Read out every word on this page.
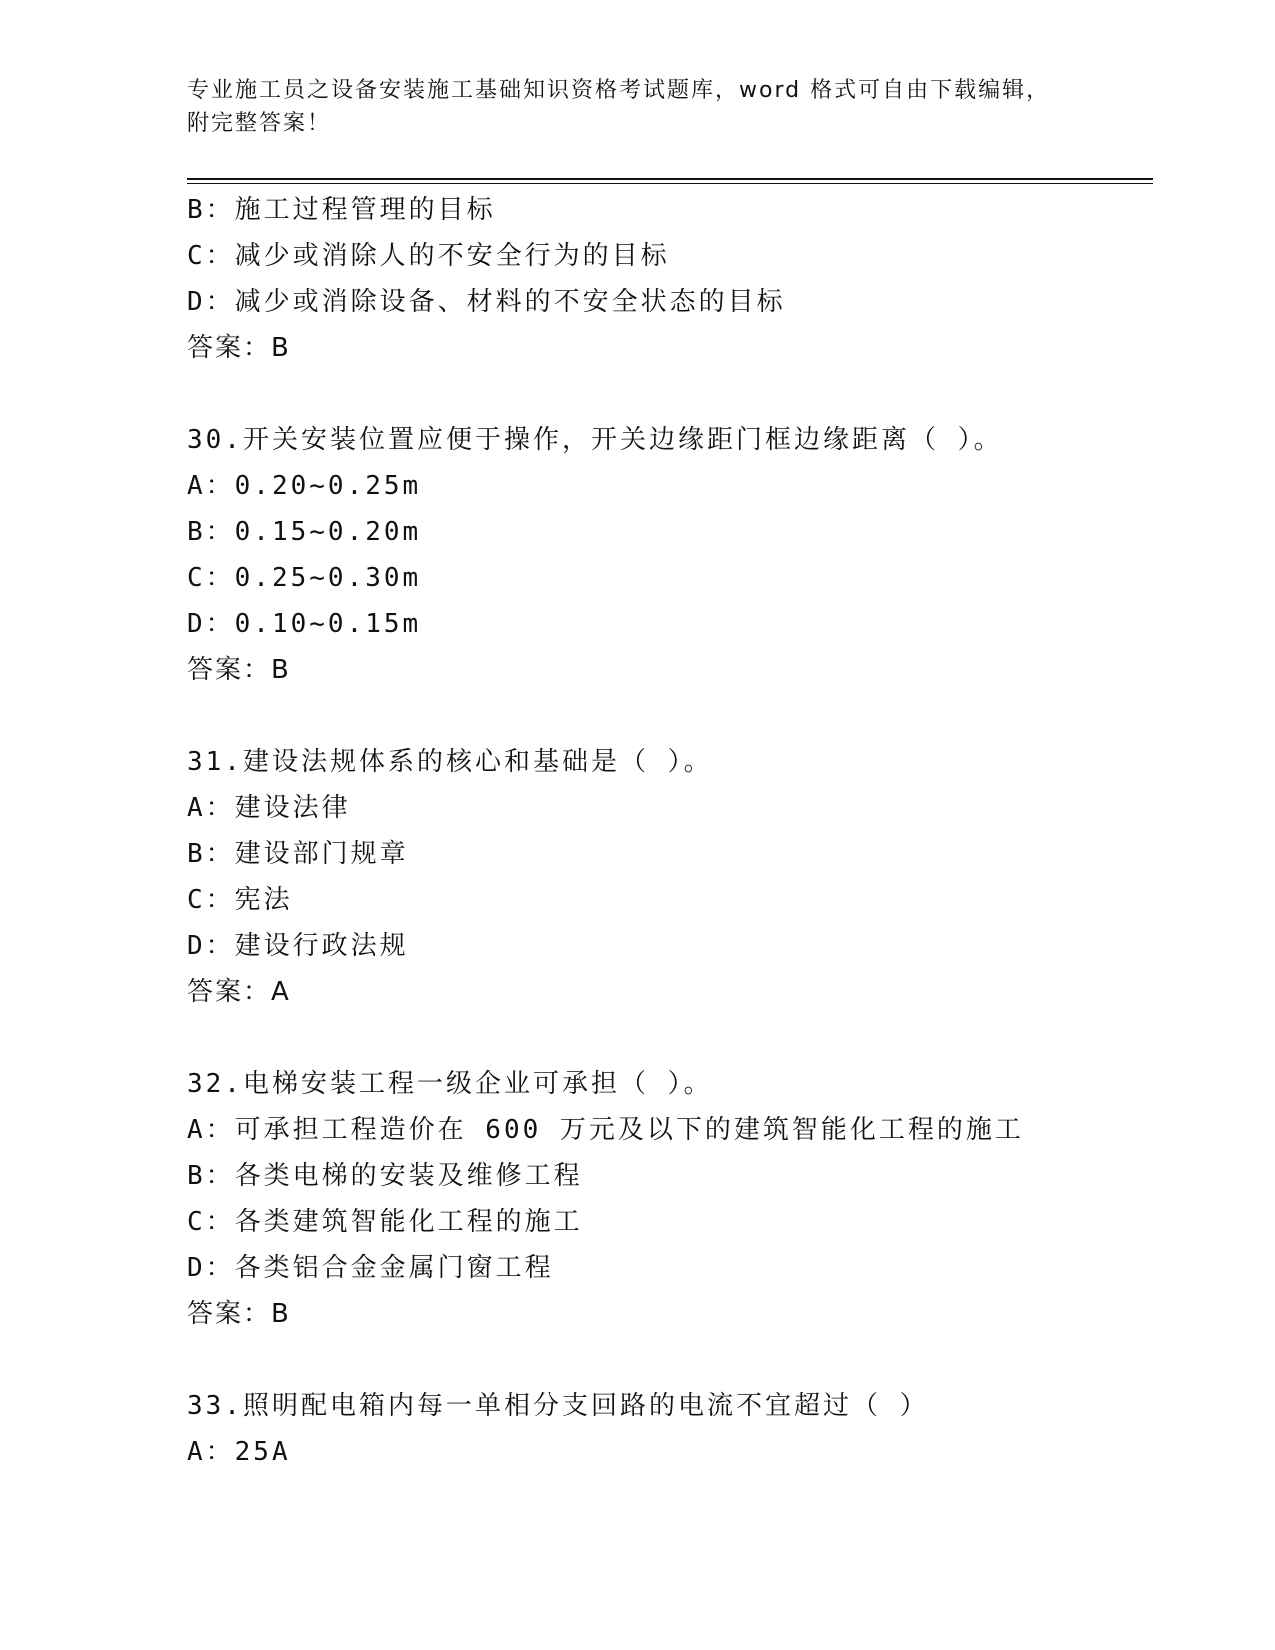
专业施工员之设备安装施工基础知识资格考试题库，word 格式可自由下载编辑，
附完整答案！
B：施工过程管理的目标
C：减少或消除人的不安全行为的目标
D：减少或消除设备、材料的不安全状态的目标
答案：B
30.开关安装位置应便于操作，开关边缘距门框边缘距离（ ）。
A：0.20~0.25m
B：0.15~0.20m
C：0.25~0.30m
D：0.10~0.15m
答案：B
31.建设法规体系的核心和基础是（ ）。
A：建设法律
B：建设部门规章
C：宪法
D：建设行政法规
答案：A
32.电梯安装工程一级企业可承担（ ）。
A：可承担工程造价在 600 万元及以下的建筑智能化工程的施工
B：各类电梯的安装及维修工程
C：各类建筑智能化工程的施工
D：各类铝合金金属门窗工程
答案：B
33.照明配电箱内每一单相分支回路的电流不宜超过（ ）
A：25A
